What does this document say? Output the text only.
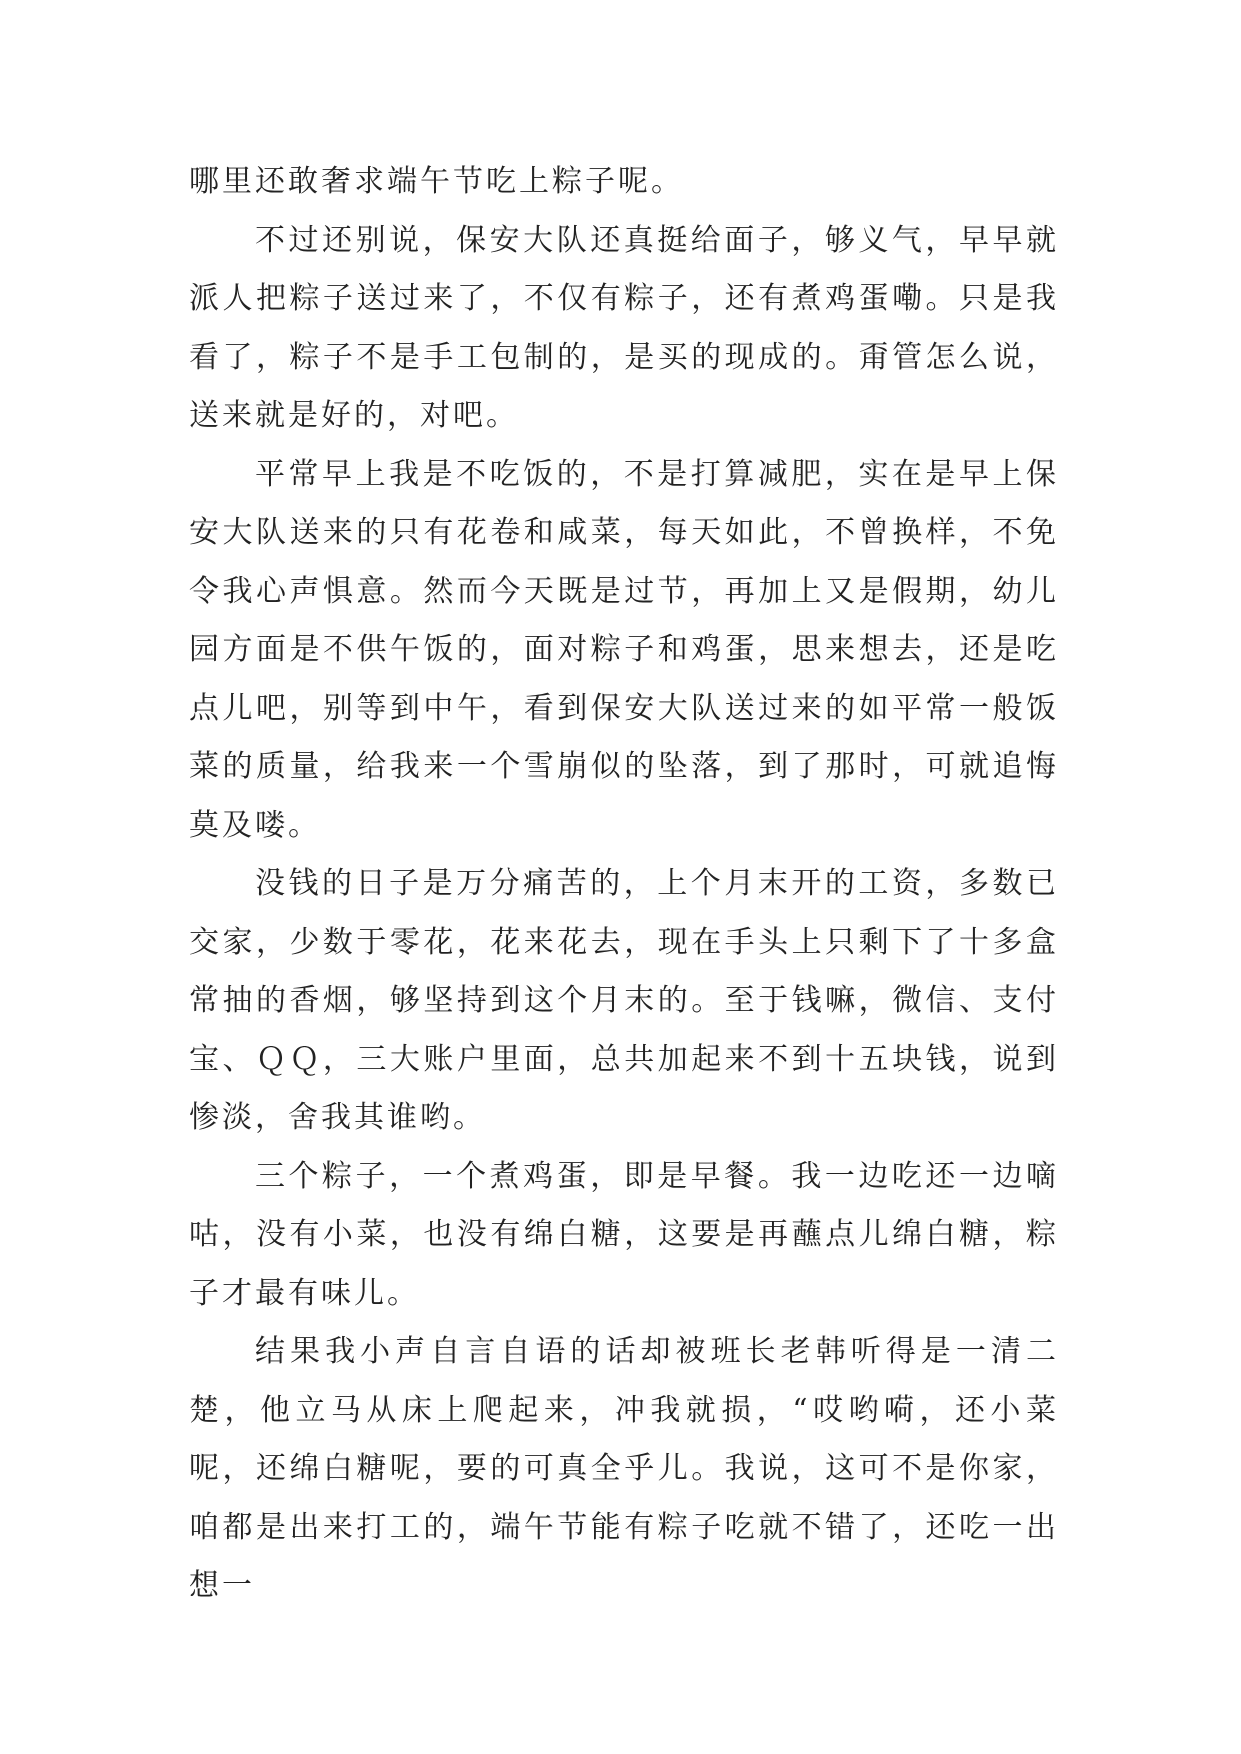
哪里还敢奢求端午节吃上粽子呢。

不过还别说，保安大队还真挺给面子，够义气，早早就派人把粽子送过来了，不仅有粽子，还有煮鸡蛋嘞。只是我看了，粽子不是手工包制的，是买的现成的。甭管怎么说，送来就是好的，对吧。

平常早上我是不吃饭的，不是打算减肥，实在是早上保安大队送来的只有花卷和咸菜，每天如此，不曾换样，不免令我心声惧意。然而今天既是过节，再加上又是假期，幼儿园方面是不供午饭的，面对粽子和鸡蛋，思来想去，还是吃点儿吧，别等到中午，看到保安大队送过来的如平常一般饭菜的质量，给我来一个雪崩似的坠落，到了那时，可就追悔莫及喽。

没钱的日子是万分痛苦的，上个月末开的工资，多数已交家，少数于零花，花来花去，现在手头上只剩下了十多盒常抽的香烟，够坚持到这个月末的。至于钱嘛，微信、支付宝、ＱＱ，三大账户里面，总共加起来不到十五块钱，说到惨淡，舍我其谁哟。

三个粽子，一个煮鸡蛋，即是早餐。我一边吃还一边嘀咕，没有小菜，也没有绵白糖，这要是再蘸点儿绵白糖，粽子才最有味儿。

结果我小声自言自语的话却被班长老韩听得是一清二楚，他立马从床上爬起来，冲我就损，“哎哟嗬，还小菜呢，还绵白糖呢，要的可真全乎儿。我说，这可不是你家，咱都是出来打工的，端午节能有粽子吃就不错了，还吃一出想一
